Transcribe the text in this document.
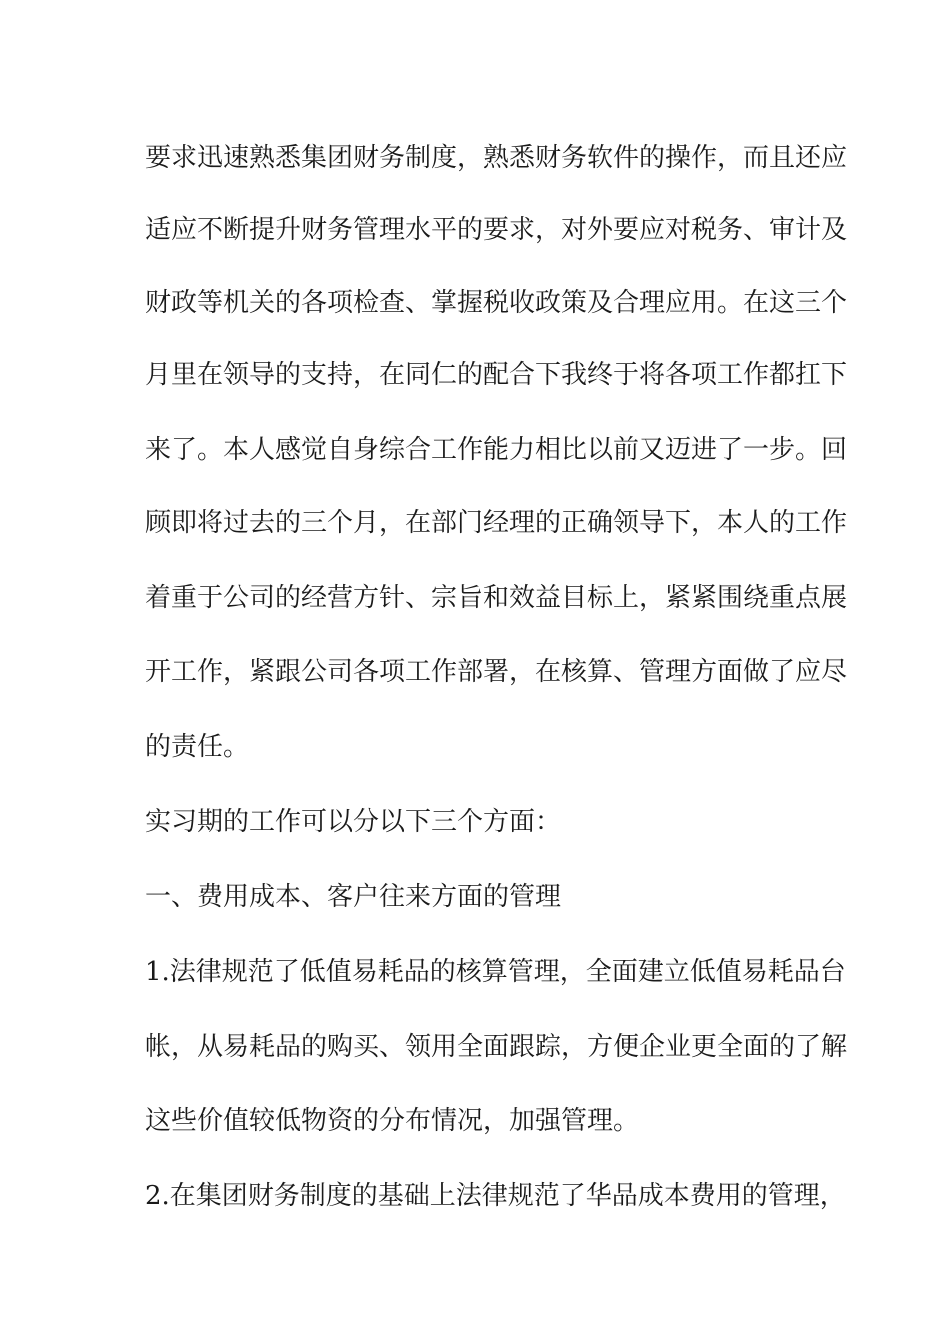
要求迅速熟悉集团财务制度，熟悉财务软件的操作，而且还应
适应不断提升财务管理水平的要求，对外要应对税务、审计及
财政等机关的各项检查、掌握税收政策及合理应用。在这三个
月里在领导的支持，在同仁的配合下我终于将各项工作都扛下
来了。本人感觉自身综合工作能力相比以前又迈进了一步。回
顾即将过去的三个月，在部门经理的正确领导下，本人的工作
着重于公司的经营方针、宗旨和效益目标上，紧紧围绕重点展
开工作，紧跟公司各项工作部署，在核算、管理方面做了应尽
的责任。
实习期的工作可以分以下三个方面：
一、费用成本、客户往来方面的管理
1.法律规范了低值易耗品的核算管理，全面建立低值易耗品台
帐，从易耗品的购买、领用全面跟踪，方便企业更全面的了解
这些价值较低物资的分布情况，加强管理。
2.在集团财务制度的基础上法律规范了华品成本费用的管理，
